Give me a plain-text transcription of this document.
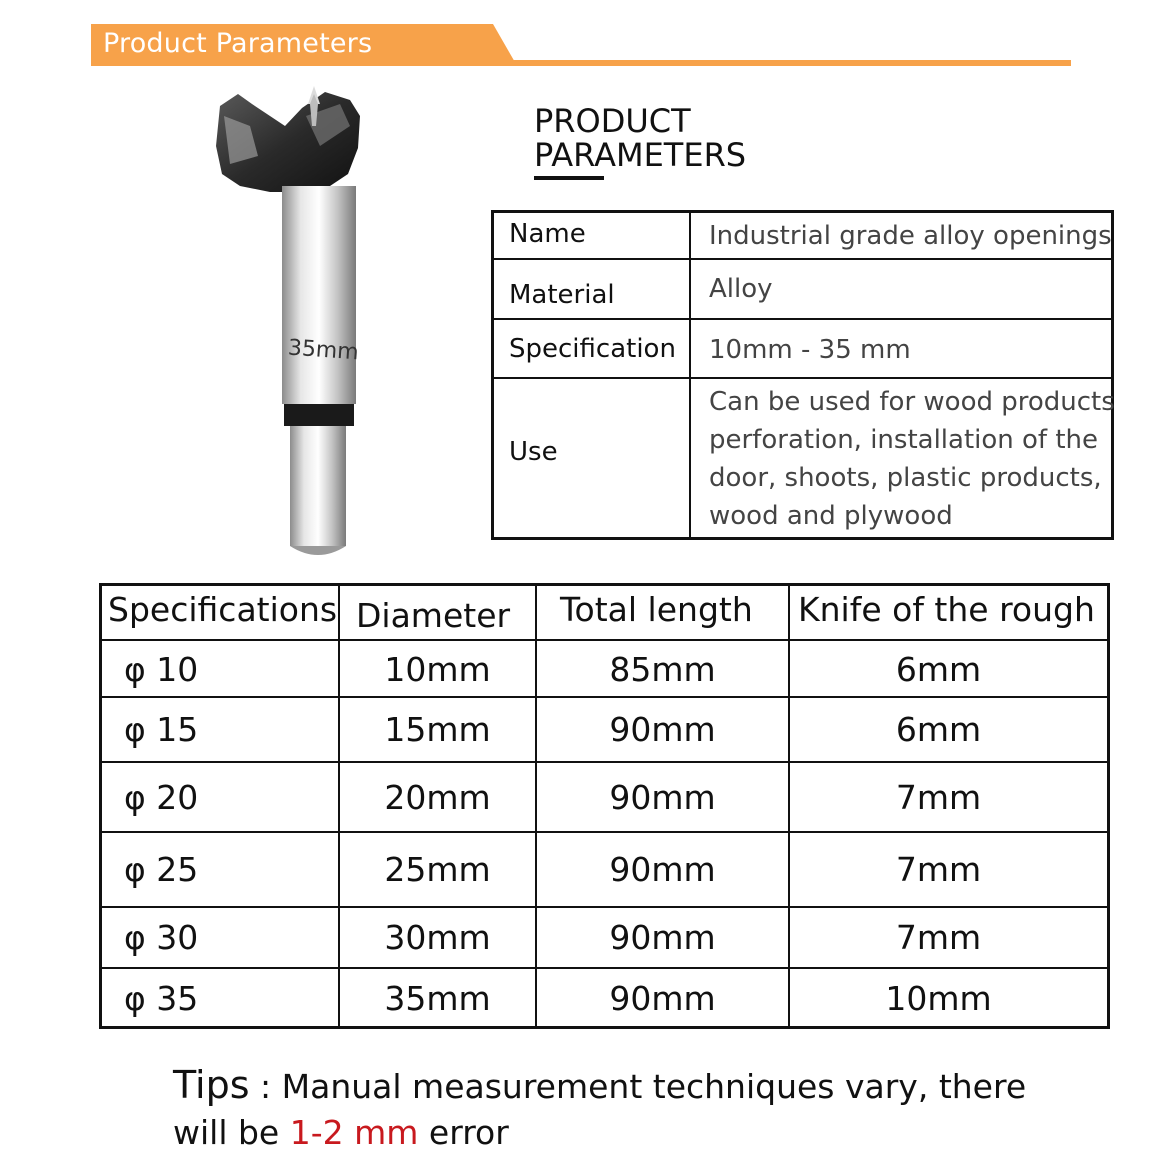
Product Parameters
35mm
PRODUCT
PARAMETERS
Name	Industrial grade alloy openings
Material	Alloy
Specification 10mm - 35 mm
Use
Can be used for wood products
perforation, installation of the
door, shoots, plastic products,
wood and plywood
Specifications Diameter Total length Knife of the rough
φ 10	10mm	85mm	6mm
φ 15	15mm	90mm	6mm
φ 20	20mm	90mm	7mm
φ 25	25mm	90mm	7mm
φ 30	30mm	90mm	7mm
φ 35	35mm	90mm	10mm
Tips : Manual measurement techniques vary, there
will be 1-2 mm error
